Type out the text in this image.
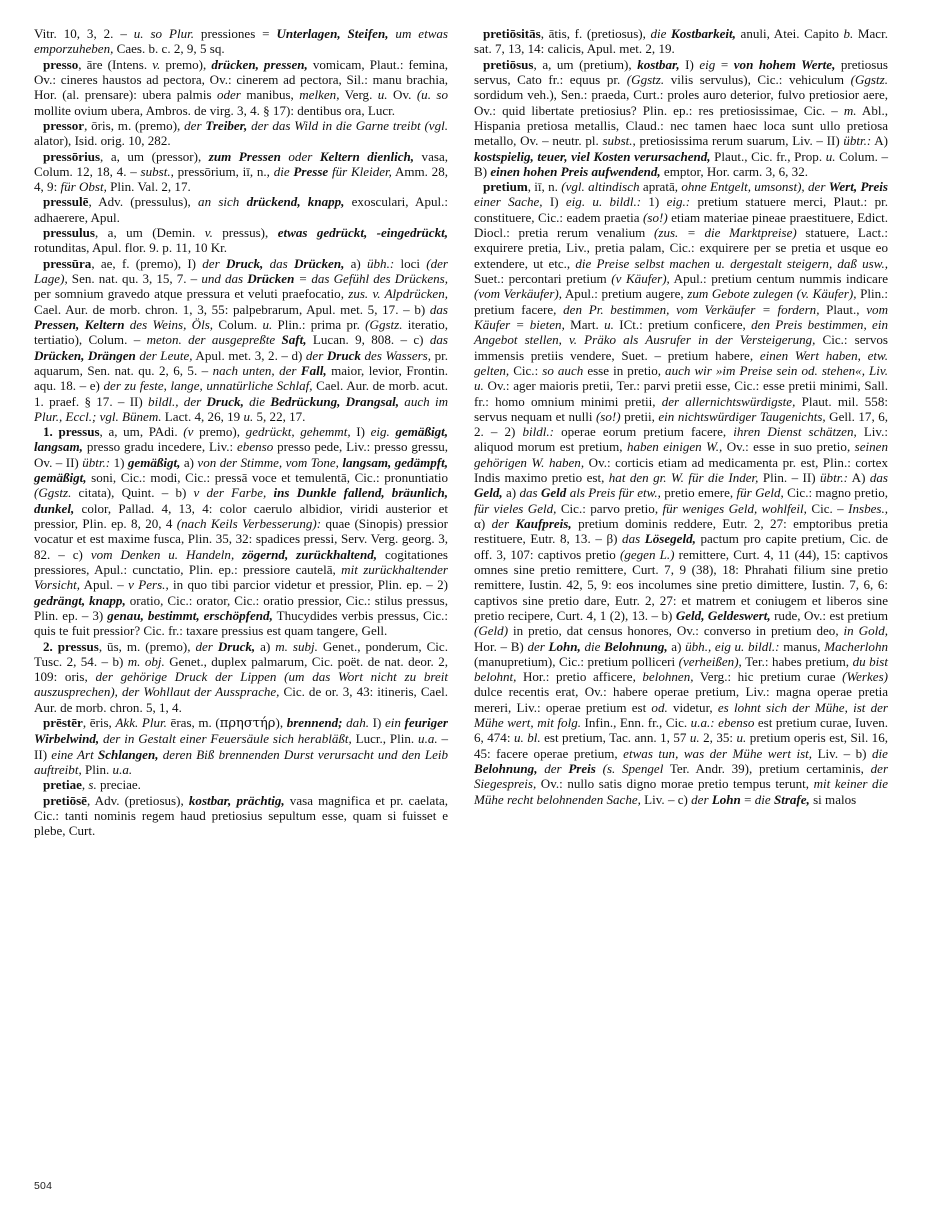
Vitr. 10, 3, 2. – u. so Plur. pressiones = Unterlagen, Steifen, um etwas emporzuheben, Caes. b. c. 2, 9, 5 sq.

presso, āre (Intens. v. premo), drücken, pressen, vomicam, Plaut.: femina, Ov.: cineres haustos ad pectora, Ov.: cinerem ad pectora, Sil.: manu brachia, Hor. (al. prensare): ubera palmis oder manibus, melken, Verg. u. Ov. (u. so mollite ovium ubera, Ambros. de virg. 3, 4. § 17): dentibus ora, Lucr.

pressor, ōris, m. (premo), der Treiber, der das Wild in die Garne treibt (vgl. alator), Isid. orig. 10, 282.

pressōrius, a, um (pressor), zum Pressen oder Keltern dienlich, vasa, Colum. 12, 18, 4. – subst., pressōrium, iī, n., die Presse für Kleider, Amm. 28, 4, 9: für Obst, Plin. Val. 2, 17.

pressulē, Adv. (pressulus), an sich drückend, knapp, exosculari, Apul.: adhaerere, Apul.

pressulus, a, um (Demin. v. pressus), etwas gedrückt, -eingedrückt, rotunditas, Apul. flor. 9. p. 11, 10 Kr.

pressūra, ae, f. (premo), I) der Druck, das Drücken, a) übh.: loci (der Lage), Sen. nat. qu. 3, 15, 7. – und das Drücken = das Gefühl des Drückens, per somnium gravedo atque pressura et veluti praefocatio, zus. v. Alpdrücken, Cael. Aur. de morb. chron. 1, 3, 55: palpebrarum, Apul. met. 5, 17. – b) das Pressen, Keltern des Weins, Öls, Colum. u. Plin.: prima pr. (Ggstz. iteratio, tertiatio), Colum. – meton. der ausgepreßte Saft, Lucan. 9, 808. – c) das Drücken, Drängen der Leute, Apul. met. 3, 2. – d) der Druck des Wassers, pr. aquarum, Sen. nat. qu. 2, 6, 5. – nach unten, der Fall, maior, levior, Frontin. aqu. 18. – e) der zu feste, lange, unnatürliche Schlaf, Cael. Aur. de morb. acut. 1. praef. § 17. – II) bildl., der Druck, die Bedrückung, Drangsal, auch im Plur., Eccl.; vgl. Bünem. Lact. 4, 26, 19 u. 5, 22, 17.

1. pressus, a, um, PAdi. (v premo), gedrückt, gehemmt, I) eig. gemäßigt, langsam, presso gradu incedere, Liv.: ebenso presso pede, Liv.: presso gressu, Ov. – II) übtr.: 1) gemäßigt, a) von der Stimme, vom Tone, langsam, gedämpft, gemäßigt, soni, Cic.: modi, Cic.: pressā voce et temulentā, Cic.: pronuntiatio (Ggstz. citata), Quint. – b) v der Farbe, ins Dunkle fallend, bräunlich, dunkel, color, Pallad. 4, 13, 4: color caerulo albidior, viridi austerior et pressior, Plin. ep. 8, 20, 4 (nach Keils Verbesserung): quae (Sinopis) pressior vocatur et est maxime fusca, Plin. 35, 32: spadices pressi, Serv. Verg. georg. 3, 82. – c) vom Denken u. Handeln, zögernd, zurückhaltend, cogitationes pressiores, Apul.: cunctatio, Plin. ep.: pressiore cautelā, mit zurückhaltender Vorsicht, Apul. – v Pers., in quo tibi parcior videtur et pressior, Plin. ep. – 2) gedrängt, knapp, oratio, Cic.: orator, Cic.: oratio pressior, Cic.: stilus pressus, Plin. ep. – 3) genau, bestimmt, erschöpfend, Thucydides verbis pressus, Cic.: quis te fuit pressior? Cic. fr.: taxare pressius est quam tangere, Gell.

2. pressus, ūs, m. (premo), der Druck, a) m. subj. Genet., ponderum, Cic. Tusc. 2, 54. – b) m. obj. Genet., duplex palmarum, Cic. poët. de nat. deor. 2, 109: oris, der gehörige Druck der Lippen (um das Wort nicht zu breit auszusprechen), der Wohllaut der Aussprache, Cic. de or. 3, 43: itineris, Cael. Aur. de morb. chron. 5, 1, 4.

prēstēr, ēris, Akk. Plur. ēras, m. (πρηστήρ), brennend; dah. I) ein feuriger Wirbelwind, der in Gestalt einer Feuersäule sich herabläßt, Lucr., Plin. u.a. – II) eine Art Schlangen, deren Biß brennenden Durst verursacht und den Leib auftreibt, Plin. u.a.

pretiae, s. preciae.

pretiōsē, Adv. (pretiosus), kostbar, prächtig, vasa magnifica et pr. caelata, Cic.: tanti nominis regem haud pretiosius sepultum esse, quam si fuisset e plebe, Curt.

pretiōsitās, ātis, f. (pretiosus), die Kostbarkeit, anuli, Atei. Capito b. Macr. sat. 7, 13, 14: calicis, Apul. met. 2, 19.

pretiōsus, a, um (pretium), kostbar, I) eig = von hohem Werte, pretiosus servus, Cato fr.: equus pr. (Ggstz. vilis servulus), Cic.: vehiculum (Ggstz. sordidum veh.), Sen.: praeda, Curt.: proles auro deterior, fulvo pretiosior aere, Ov.: quid libertate pretiosius? Plin. ep.: res pretiosissimae, Cic. – m. Abl., Hispania pretiosa metallis, Claud.: nec tamen haec loca sunt ullo pretiosa metallo, Ov. – neutr. pl. subst., pretiosissima rerum suarum, Liv. – II) übtr.: A) kostspielig, teuer, viel Kosten verursachend, Plaut., Cic. fr., Prop. u. Colum. – B) einen hohen Preis aufwendend, emptor, Hor. carm. 3, 6, 32.

pretium, iī, n. (vgl. altindisch apratā, ohne Entgelt, umsonst), der Wert, Preis einer Sache, I) eig. u. bildl.: 1) eig.: pretium statuere merci, Plaut.: pr. constituere, Cic.: eadem praetia (so!) etiam materiae pineae praestituere, Edict. Diocl.: pretia rerum venalium (zus. = die Marktpreise) statuere, Lact.: exquirere pretia, Liv., pretia palam, Cic.: exquirere per se pretia et usque eo extendere, ut etc., die Preise selbst machen u. dergestalt steigern, daß usw., Suet.: percontari pretium (v Käufer), Apul.: pretium centum nummis indicare (vom Verkäufer), Apul.: pretium augere, zum Gebote zulegen (v. Käufer), Plin.: pretium facere, den Pr. bestimmen, vom Verkäufer = fordern, Plaut., vom Käufer = bieten, Mart. u. ICt.: pretium conficere, den Preis bestimmen, ein Angebot stellen, v. Präko als Ausrufer in der Versteigerung, Cic.: servos immensis pretiis vendere, Suet. – pretium habere, einen Wert haben, etw. gelten, Cic.: so auch esse in pretio, auch wir »im Preise sein od. stehen«, Liv. u. Ov.: ager maioris pretii, Ter.: parvi pretii esse, Cic.: esse pretii minimi, Sall. fr.: homo omnium minimi pretii, der allernichtswürdigste, Plaut. mil. 558: servus nequam et nulli (so!) pretii, ein nichtswürdiger Taugenichts, Gell. 17, 6, 2. – 2) bildl.: operae eorum pretium facere, ihren Dienst schätzen, Liv.: aliquod morum est pretium, haben einigen W., Ov.: esse in suo pretio, seinen gehörigen W. haben, Ov.: corticis etiam ad medicamenta pr. est, Plin.: cortex Indis maximo pretio est, hat den gr. W. für die Inder, Plin. – II) übtr.: A) das Geld, a) das Geld als Preis für etw., pretio emere, für Geld, Cic.: magno pretio, für vieles Geld, Cic.: parvo pretio, für weniges Geld, wohlfeil, Cic. – Insbes., α) der Kaufpreis, pretium dominis reddere, Eutr. 2, 27: emptoribus pretia restituere, Eutr. 8, 13. – β) das Lösegeld, pactum pro capite pretium, Cic. de off. 3, 107: captivos pretio (gegen L.) remittere, Curt. 4, 11 (44), 15: captivos omnes sine pretio remittere, Curt. 7, 9 (38), 18: Phrahati filium sine pretio remittere, Iustin. 42, 5, 9: eos incolumes sine pretio dimittere, Iustin. 7, 6, 6: captivos sine pretio dare, Eutr. 2, 27: et matrem et coniugem et liberos sine pretio recipere, Curt. 4, 1 (2), 13. – b) Geld, Geldeswert, rude, Ov.: est pretium (Geld) in pretio, dat census honores, Ov.: converso in pretium deo, in Gold, Hor. – B) der Lohn, die Belohnung, a) übh., eig u. bildl.: manus, Macherlohn (manupretium), Cic.: pretium polliceri (verheißen), Ter.: habes pretium, du bist belohnt, Hor.: pretio afficere, belohnen, Verg.: hic pretium curae (Werkes) dulce recentis erat, Ov.: habere operae pretium, Liv.: magna operae pretia mereri, Liv.: operae pretium est od. videtur, es lohnt sich der Mühe, ist der Mühe wert, mit folg. Infin., Enn. fr., Cic. u.a.: ebenso est pretium curae, Iuven. 6, 474: u. bl. est pretium, Tac. ann. 1, 57 u. 2, 35: u. pretium operis est, Sil. 16, 45: facere operae pretium, etwas tun, was der Mühe wert ist, Liv. – b) die Belohnung, der Preis (s. Spengel Ter. Andr. 39), pretium certaminis, der Siegespreis, Ov.: nullo satis digno morae pretio tempus terunt, mit keiner die Mühe recht belohnenden Sache, Liv. – c) der Lohn = die Strafe, si malos

504
